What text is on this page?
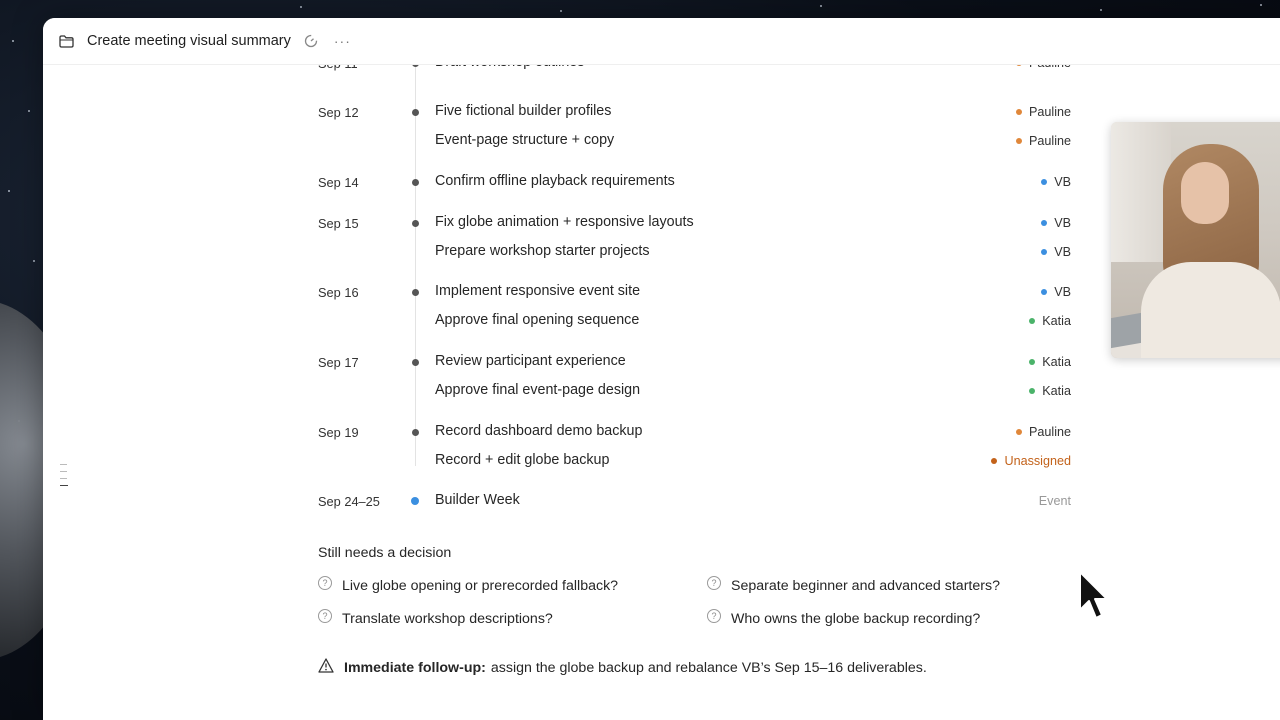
Sep 12	Five fictional builder profiles	Pauline
Event-page structure + copy	Pauline
Sep 14	Confirm offline playback requirements	VB
Sep 15	Fix globe animation + responsive layouts	VB
Prepare workshop starter projects	VB
Sep 16	Implement responsive event site	VB
Approve final opening sequence	Katia
Sep 17	Review participant experience	Katia
Approve final event-page design	Katia
Sep 19	Record dashboard demo backup	Pauline
Record + edit globe backup	Unassigned
Sep 24–25	Builder Week	Event
Still needs a decision
?	Live globe opening or prerecorded fallback?	?	Separate beginner and advanced starters?
?	Translate workshop descriptions?	?	Who owns the globe backup recording?
Immediate follow-up: assign the globe backup and rebalance VB’s Sep 15–16 deliverables.
Create meeting visual summary	···
